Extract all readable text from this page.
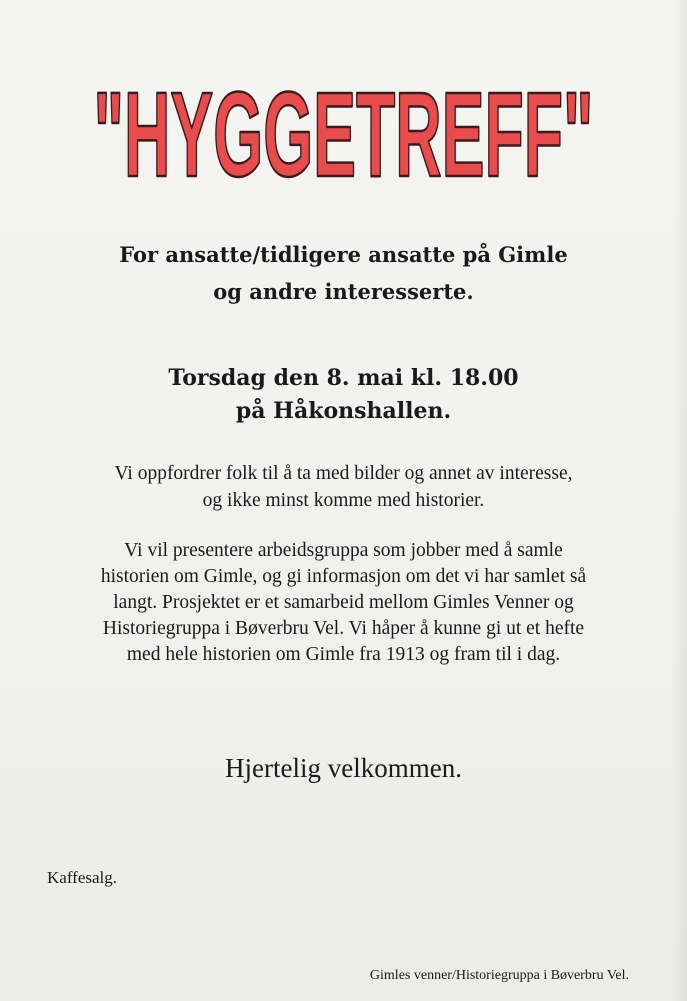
"HYGGETREFF"

For ansatte/tidligere ansatte på Gimle
og andre interesserte.

Torsdag den 8. mai kl. 18.00
på Håkonshallen.

Vi oppfordrer folk til å ta med bilder og annet av interesse,
og ikke minst komme med historier.

Vi vil presentere arbeidsgruppa som jobber med å samle
historien om Gimle, og gi informasjon om det vi har samlet så
langt. Prosjektet er et samarbeid mellom Gimles Venner og
Historiegruppa i Bøverbru Vel. Vi håper å kunne gi ut et hefte
med hele historien om Gimle fra 1913 og fram til i dag.

Hjertelig velkommen.

Kaffesalg.

Gimles venner/Historiegruppa i Bøverbru Vel.
